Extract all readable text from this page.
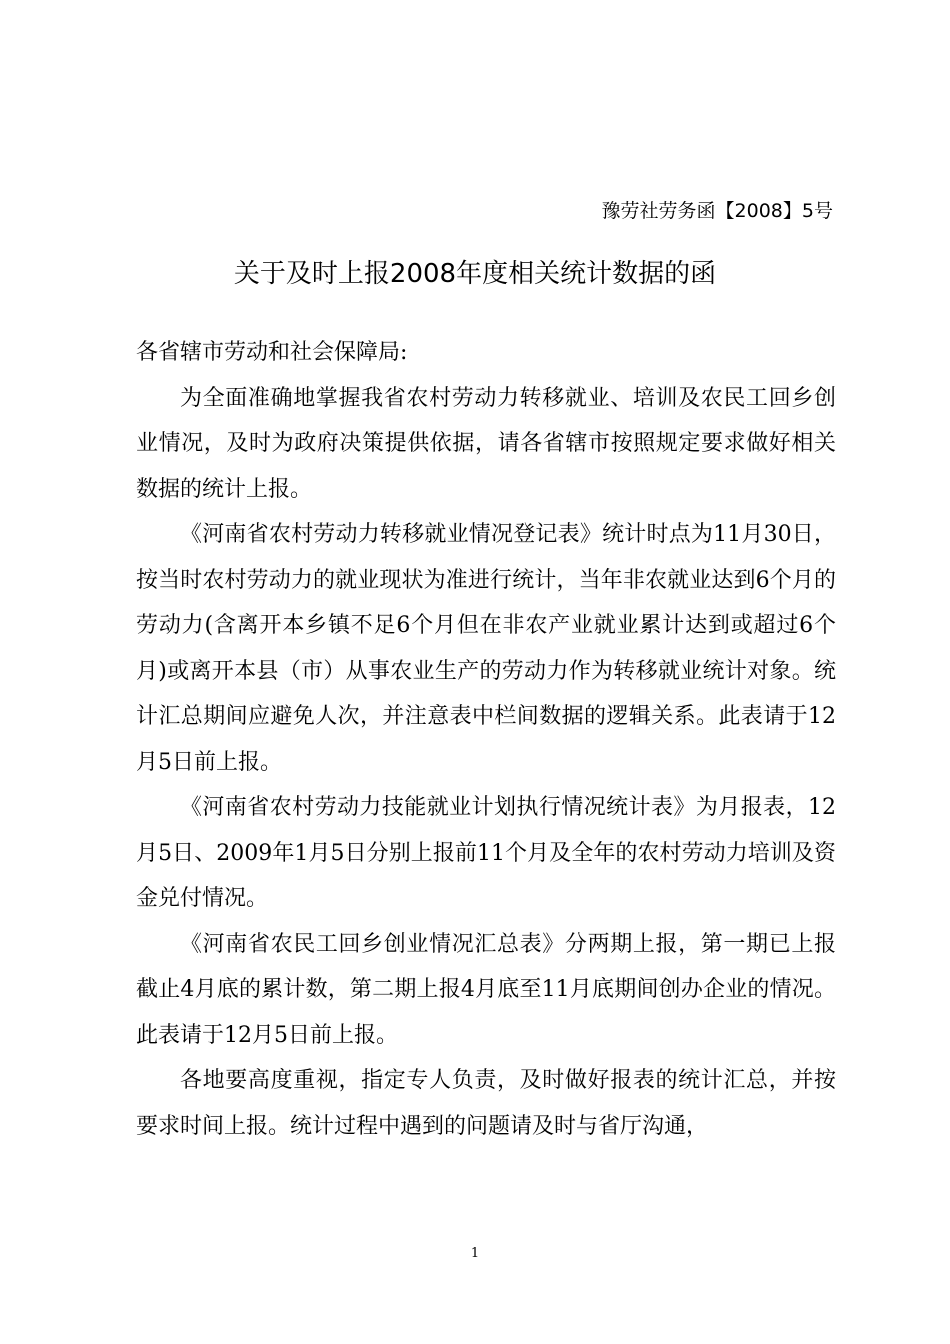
豫劳社劳务函【2008】5号
关于及时上报2008年度相关统计数据的函

各省辖市劳动和社会保障局:

为全面准确地掌握我省农村劳动力转移就业、培训及农民工回乡创业情况，及时为政府决策提供依据，请各省辖市按照规定要求做好相关数据的统计上报。

《河南省农村劳动力转移就业情况登记表》统计时点为11月30日，按当时农村劳动力的就业现状为准进行统计，当年非农就业达到6个月的劳动力(含离开本乡镇不足6个月但在非农产业就业累计达到或超过6个月)或离开本县（市）从事农业生产的劳动力作为转移就业统计对象。统计汇总期间应避免人次，并注意表中栏间数据的逻辑关系。此表请于12月5日前上报。

《河南省农村劳动力技能就业计划执行情况统计表》为月报表，12月5日、2009年1月5日分别上报前11个月及全年的农村劳动力培训及资金兑付情况。

《河南省农民工回乡创业情况汇总表》分两期上报，第一期已上报截止4月底的累计数，第二期上报4月底至11月底期间创办企业的情况。此表请于12月5日前上报。

各地要高度重视，指定专人负责，及时做好报表的统计汇总，并按要求时间上报。统计过程中遇到的问题请及时与省厅沟通，

1
